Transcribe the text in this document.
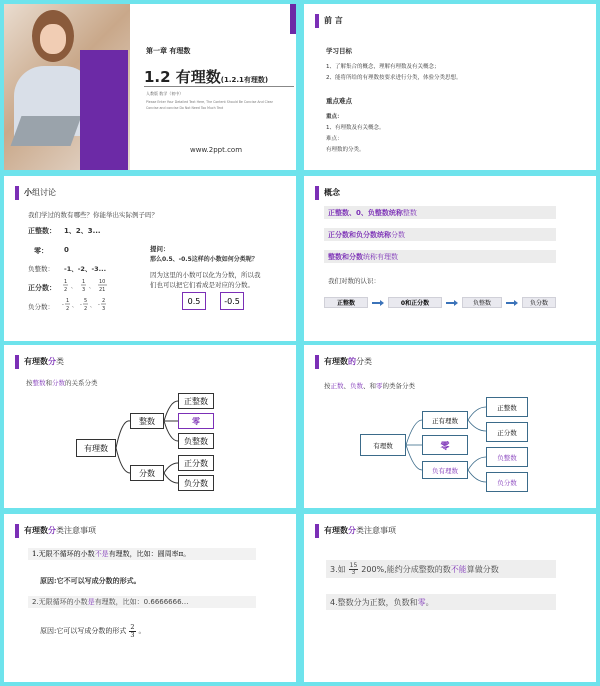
第一章 有理数
1.2 有理数(1.2.1有理数)
人教版 数学（初中）
Please Enter Your Detailed Text Here, The Content Should Be Concise And Clear
Concise and concise Do Not Need Too Much Text
www.2ppt.com
前 言
学习目标
1、了解集合的概念，理解有理数及有关概念；
2、能将所给的有理数按要求进行分类，体验分类思想。
重点难点
重点：
1、有理数及有关概念。
难点：
有理数的分类。
小组讨论
我们学过的数有哪些？你能举出实际例子吗？
正整数： 1、2、3...
零： 0
负整数： -1、-2、-3...
正分数：
1
2 、
1
3 、
10
21
负分数： -
1
2 、 -
5
2 、 -
2
3
提问：
那么0.5、-0.5这样的小数如何分类呢？
因为这里的小数可以化为分数，所以我
们也可以把它们看成是对应的分数。
0.5	-0.5
概念
正整数、0、负整数统称 整数
正分数和负分数统称 分数
整数和分数 统称有理数
我们对数的认识：
正整数	0和正分数	负整数	负分数
有理数分类
按整数和分数的关系分类
有理数
整数
分数
正整数
零
负整数
正分数
负分数
有理数的分类
按正数、负数、和零的类备分类
有理数
正有理数
零
负有理数
正整数
正分数
负整数
负分数
有理数分类注意事项
1.无限不循环的小数 不是 有理数，比如：圆周率π。
原因:它不可以写成分数的形式。
2.无限循环的小数 是 有理数，比如：0.6666666…
原因:它可以写成分数的形式 $\frac{2}{3}$ 。
有理数分类注意事项
3.如 $\frac{15}{3} 200\%$,能约分成整数的数 不能 算做分数
4.整数分为正数，负数和 零 。
